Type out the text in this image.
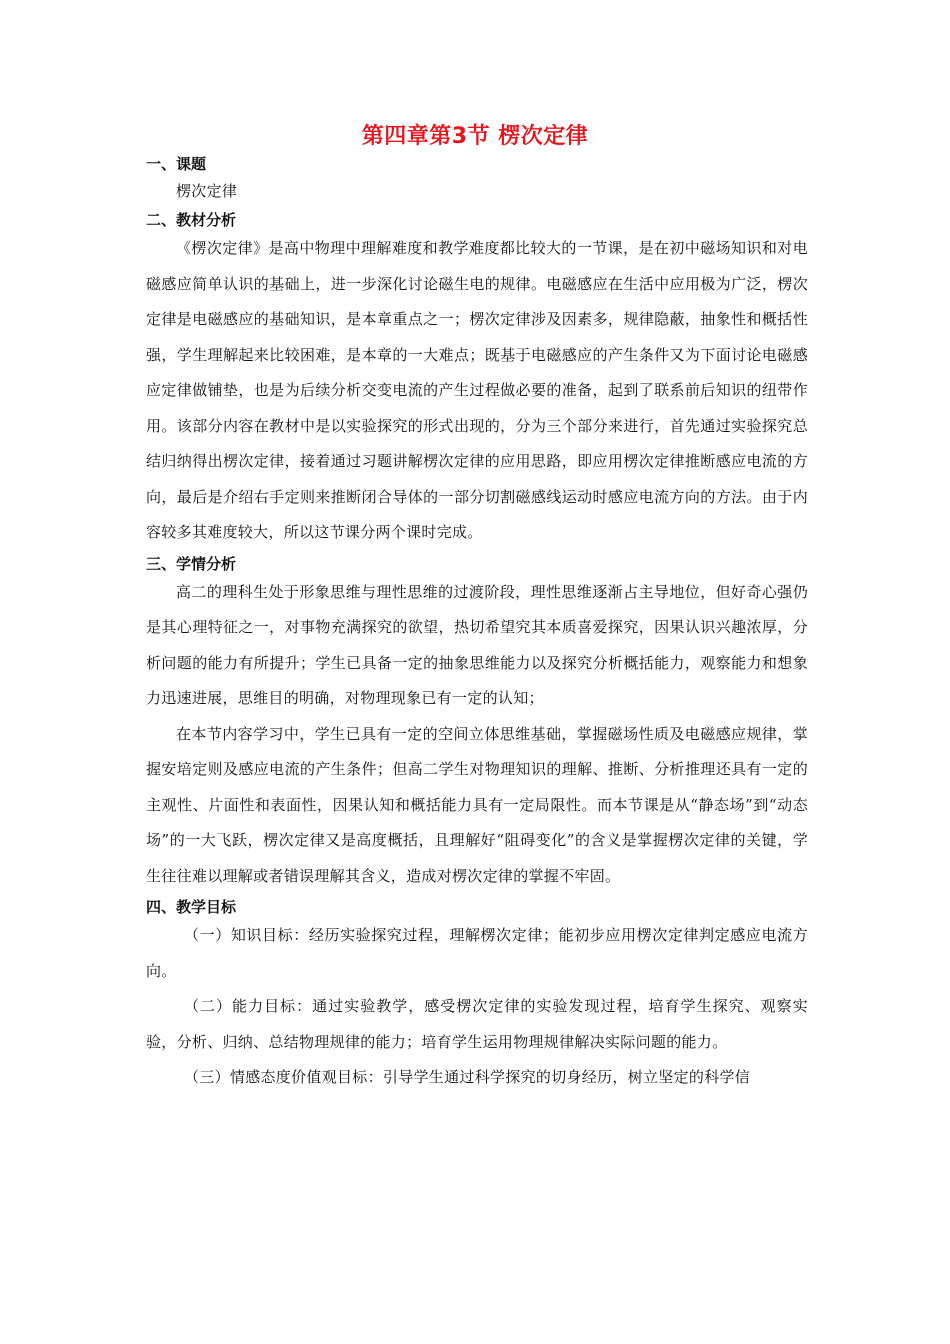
第四章第3节 楞次定律

一、课题

楞次定律

二、教材分析

《楞次定律》是高中物理中理解难度和教学难度都比较大的一节课，是在初中磁场知识和对电磁感应简单认识的基础上，进一步深化讨论磁生电的规律。电磁感应在生活中应用极为广泛，楞次定律是电磁感应的基础知识，是本章重点之一；楞次定律涉及因素多，规律隐蔽，抽象性和概括性强，学生理解起来比较困难，是本章的一大难点；既基于电磁感应的产生条件又为下面讨论电磁感应定律做铺垫，也是为后续分析交变电流的产生过程做必要的准备，起到了联系前后知识的纽带作用。该部分内容在教材中是以实验探究的形式出现的，分为三个部分来进行，首先通过实验探究总结归纳得出楞次定律，接着通过习题讲解楞次定律的应用思路，即应用楞次定律推断感应电流的方向，最后是介绍右手定则来推断闭合导体的一部分切割磁感线运动时感应电流方向的方法。由于内容较多其难度较大，所以这节课分两个课时完成。

三、学情分析

高二的理科生处于形象思维与理性思维的过渡阶段，理性思维逐渐占主导地位，但好奇心强仍是其心理特征之一，对事物充满探究的欲望，热切希望究其本质喜爱探究，因果认识兴趣浓厚，分析问题的能力有所提升；学生已具备一定的抽象思维能力以及探究分析概括能力，观察能力和想象力迅速进展，思维目的明确，对物理现象已有一定的认知；

在本节内容学习中，学生已具有一定的空间立体思维基础，掌握磁场性质及电磁感应规律，掌握安培定则及感应电流的产生条件；但高二学生对物理知识的理解、推断、分析推理还具有一定的主观性、片面性和表面性，因果认知和概括能力具有一定局限性。而本节课是从“静态场”到“动态场”的一大飞跃，楞次定律又是高度概括，且理解好“阻碍变化”的含义是掌握楞次定律的关键，学生往往难以理解或者错误理解其含义，造成对楞次定律的掌握不牢固。

四、教学目标

（一）知识目标：经历实验探究过程，理解楞次定律；能初步应用楞次定律判定感应电流方向。

（二）能力目标：通过实验教学，感受楞次定律的实验发现过程，培育学生探究、观察实验，分析、归纳、总结物理规律的能力；培育学生运用物理规律解决实际问题的能力。

（三）情感态度价值观目标：引导学生通过科学探究的切身经历，树立坚定的科学信
